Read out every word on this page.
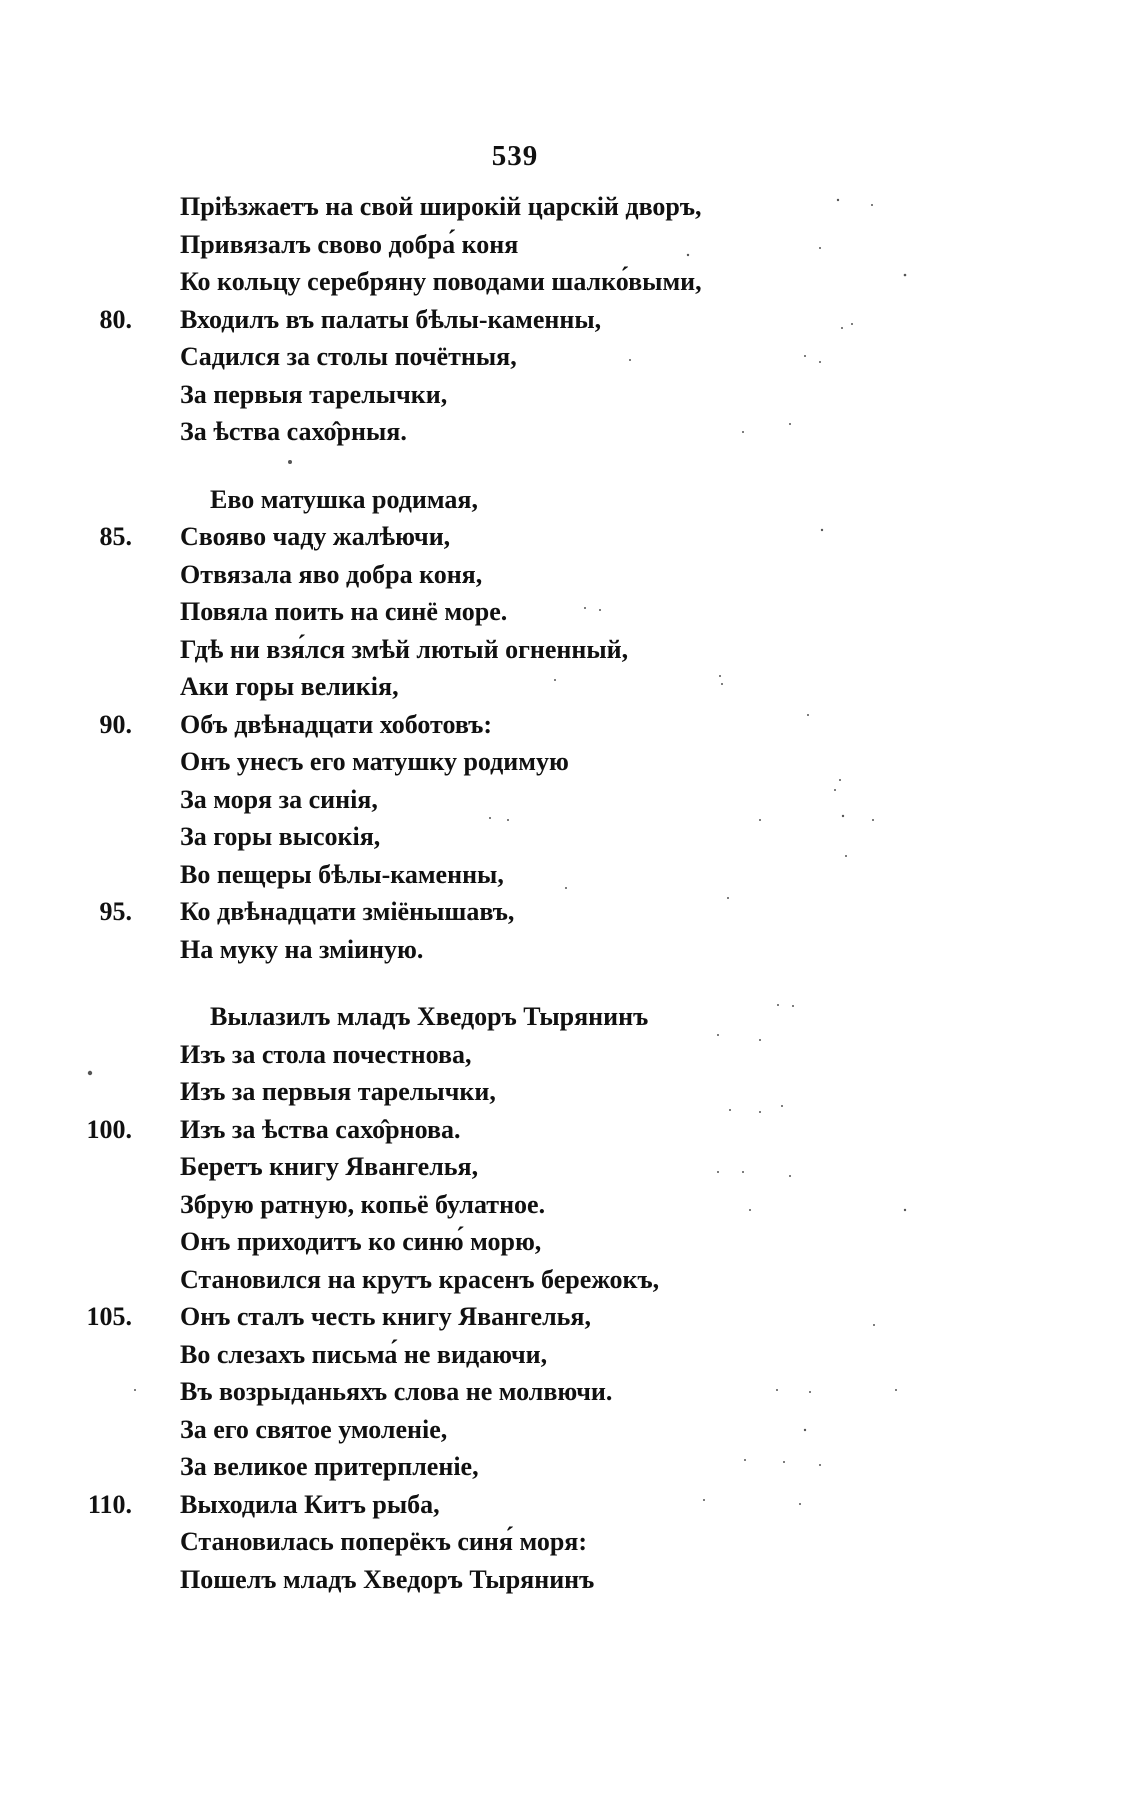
539
Пріѣзжаетъ на свой широкій царскій дворъ,
Привязалъ свово добра́ коня
Ко кольцу серебряну поводами шалко́выми,
80. Входилъ въ палаты бѣлы-каменны,
Садился за столы почётныя,
За первыя тарелычки,
За ѣства сахо̂рныя.
Ево матушка родимая,
85. Свояво чаду жалѣючи,
Отвязала яво добра коня,
Повяла поить на синё море.
Гдѣ ни взя́лся змѣй лютый огненный,
Аки горы великія,
90. Объ двѣнадцати хоботовъ:
Онъ унесъ его матушку родимую
За моря за синія,
За горы высокія,
Во пещеры бѣлы-каменны,
95. Ко двѣнадцати зміёнышавъ,
На муку на зміиную.
Вылазилъ младъ Хведоръ Тырянинъ
Изъ за стола почестнова,
Изъ за первыя тарелычки,
100. Изъ за ѣства сахо̂рнова.
Беретъ книгу Явангелья,
Збрую ратную, копьё булатное.
Онъ приходитъ ко синю́ морю,
Становился на крутъ красенъ бережокъ,
105. Онъ сталъ честь книгу Явангелья,
Во слезахъ письма́ не видаючи,
Въ возрыданьяхъ слова не молвючи.
За его святое умоленіе,
За великое притерпленіе,
110. Выходила Китъ рыба,
Становилась поперёкъ синя́ моря:
Пошелъ младъ Хведоръ Тырянинъ
